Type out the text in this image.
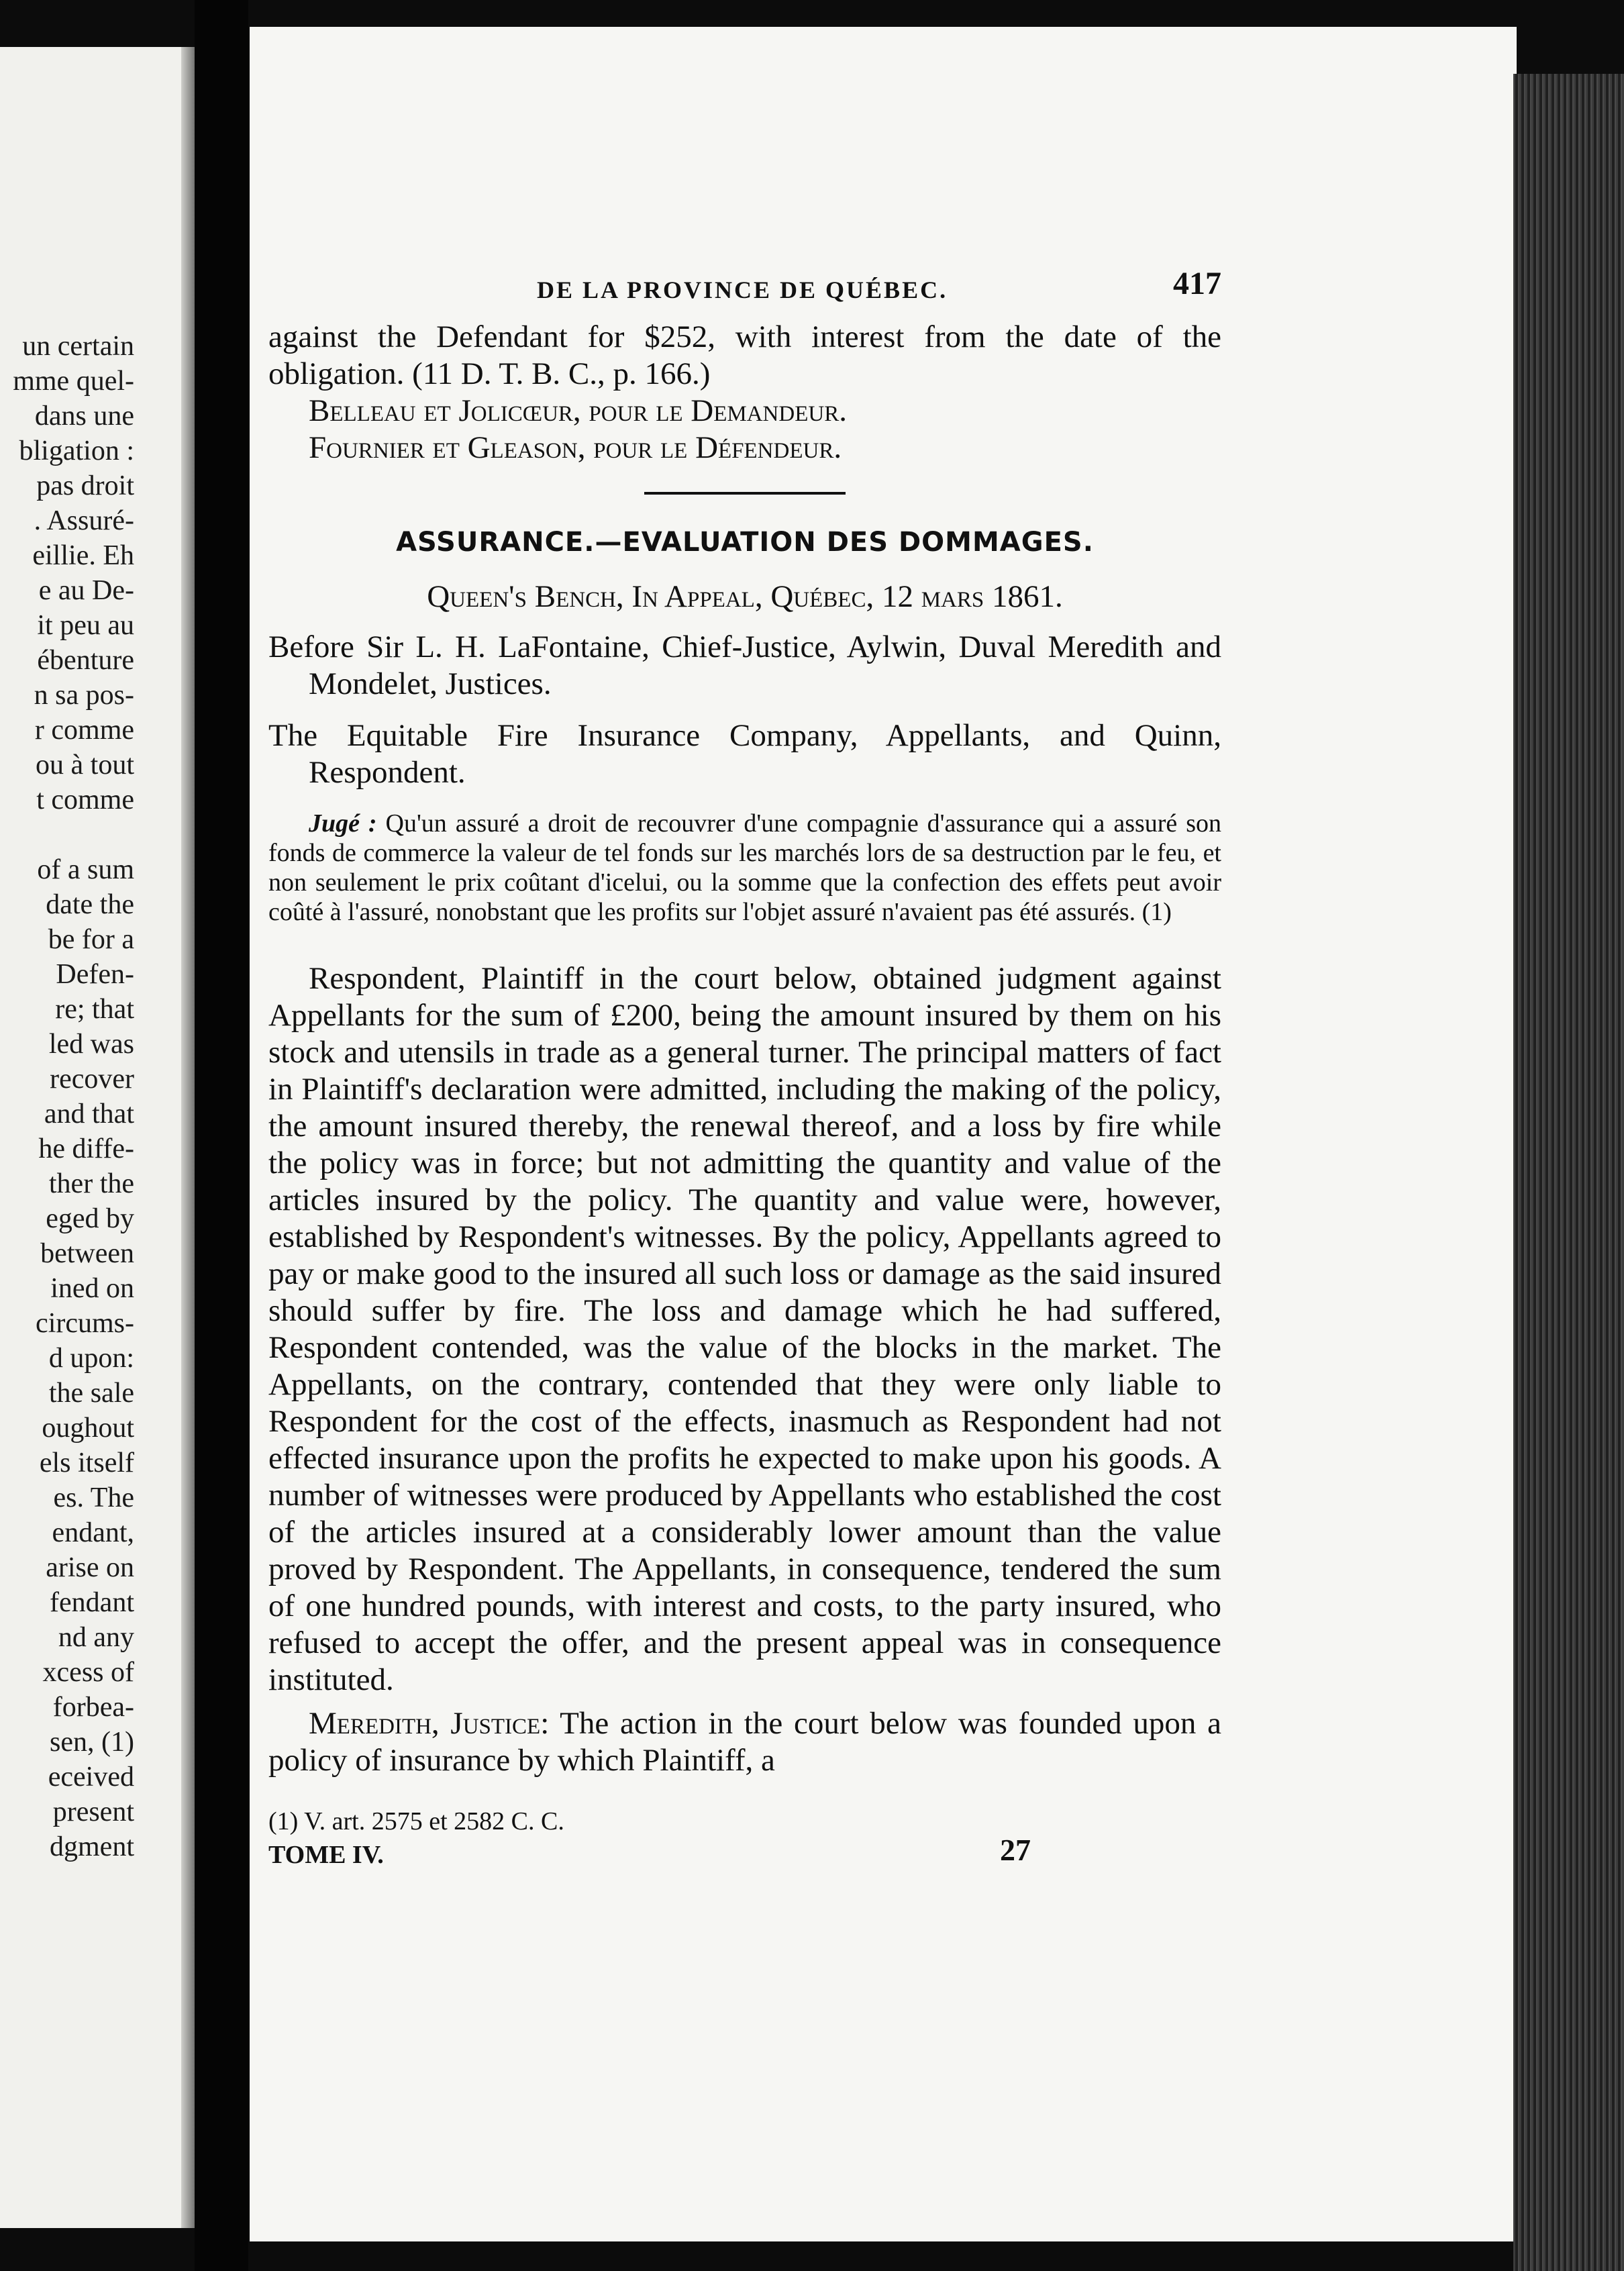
un certain
mme quel-
dans une
bligation :
pas droit
. Assuré-
eillie. Eh
e au De-
it peu au
ébenture
n sa pos-
r comme
ou à tout
t comme

of a sum
date the
be for a
Defen-
re; that
led was
recover
and that
he diffe-
ther the
eged by
between
ined on
circums-
d upon:
the sale
oughout
els itself
es. The
endant,
arise on
fendant
nd any
xcess of
forbea-
sen, (1)
eceived
present
dgment
DE LA PROVINCE DE QUÉBEC.	417

against the Defendant for $252, with interest from the date of the obligation. (11 D. T. B. C., p. 166.)

Belleau et Jolicœur, pour le Demandeur.

Fournier et Gleason, pour le Défendeur.

ASSURANCE.—EVALUATION DES DOMMAGES.

Queen's Bench, In Appeal, Québec, 12 mars 1861.

Before Sir L. H. LaFontaine, Chief-Justice, Aylwin, Duval Meredith and Mondelet, Justices.

The Equitable Fire Insurance Company, Appellants, and Quinn, Respondent.

Jugé : Qu'un assuré a droit de recouvrer d'une compagnie d'assurance qui a assuré son fonds de commerce la valeur de tel fonds sur les marchés lors de sa destruction par le feu, et non seulement le prix coûtant d'icelui, ou la somme que la confection des effets peut avoir coûté à l'assuré, nonobstant que les profits sur l'objet assuré n'avaient pas été assurés. (1)

Respondent, Plaintiff in the court below, obtained judgment against Appellants for the sum of £200, being the amount insured by them on his stock and utensils in trade as a general turner. The principal matters of fact in Plaintiff's declaration were admitted, including the making of the policy, the amount insured thereby, the renewal thereof, and a loss by fire while the policy was in force; but not admitting the quantity and value of the articles insured by the policy. The quantity and value were, however, established by Respondent's witnesses. By the policy, Appellants agreed to pay or make good to the insured all such loss or damage as the said insured should suffer by fire. The loss and damage which he had suffered, Respondent contended, was the value of the blocks in the market. The Appellants, on the contrary, contended that they were only liable to Respondent for the cost of the effects, inasmuch as Respondent had not effected insurance upon the profits he expected to make upon his goods. A number of witnesses were produced by Appellants who established the cost of the articles insured at a considerably lower amount than the value proved by Respondent. The Appellants, in consequence, tendered the sum of one hundred pounds, with interest and costs, to the party insured, who refused to accept the offer, and the present appeal was in consequence instituted.

Meredith, Justice: The action in the court below was founded upon a policy of insurance by which Plaintiff, a

(1) V. art. 2575 et 2582 C. C.
TOME IV.	27
